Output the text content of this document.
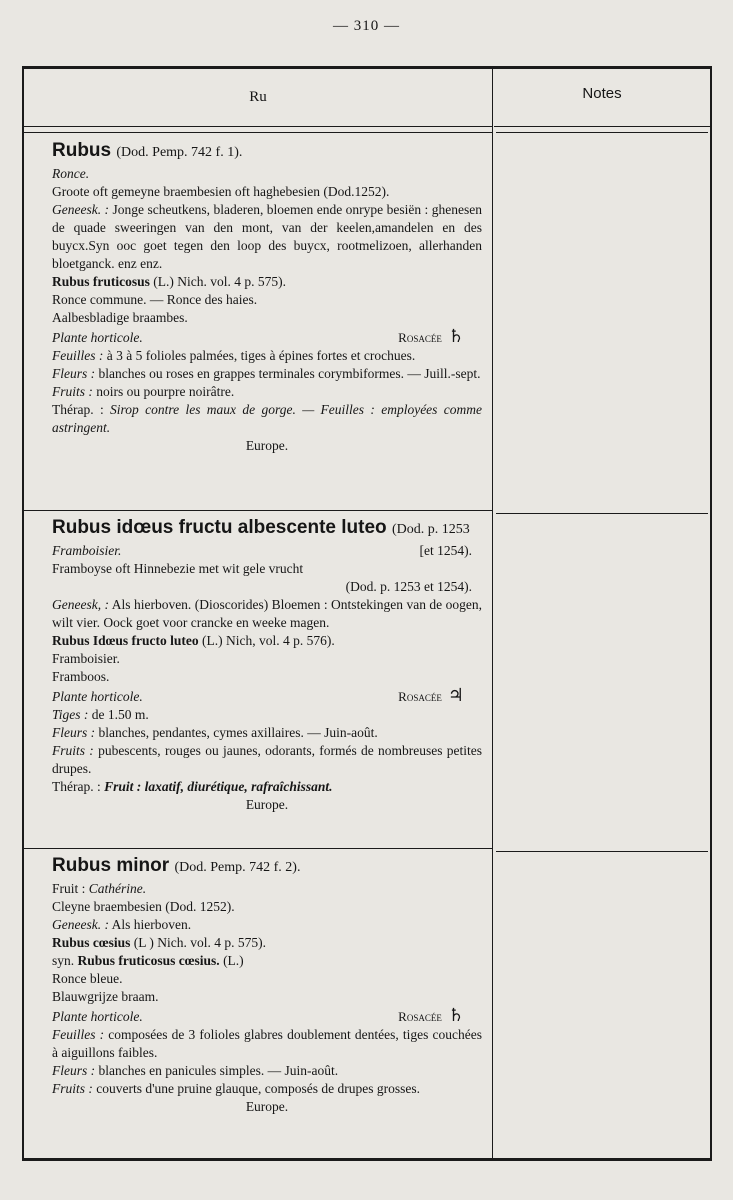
— 310 —
Ru	Notes

Rubus (Dod. Pemp. 742 f. 1).

Ronce.

Groote oft gemeyne braembesien oft haghebesien (Dod.1252).

Geneesk. : Jonge scheutkens, bladeren, bloemen ende onrype besiën : ghenesen de quade sweeringen van den mont, van der keelen,amandelen en des buycx.Syn ooc goet tegen den loop des buycx, rootmelizoen, allerhanden bloetganck. enz enz.

Rubus fruticosus (L.) Nich. vol. 4 p. 575).

Ronce commune. — Ronce des haies.

Aalbesbladige braambes.

Plante horticole.	Rosacée ♄

Feuilles : à 3 à 5 folioles palmées, tiges à épines fortes et crochues.

Fleurs : blanches ou roses en grappes terminales corymbiformes. — Juill.-sept.

Fruits : noirs ou pourpre noirâtre.

Thérap. : Sirop contre les maux de gorge. — Feuilles : employées comme astringent.

Europe.

Rubus idœus fructu albescente luteo (Dod. p. 1253

Framboisier.	[et 1254).

Framboyse oft Hinnebezie met wit gele vrucht

(Dod. p. 1253 et 1254).

Geneesk, : Als hierboven. (Dioscorides) Bloemen : Ontstekingen van de oogen, wilt vier. Oock goet voor crancke en weeke magen.

Rubus Idœus fructo luteo (L.) Nich, vol. 4 p. 576).

Framboisier.

Framboos.

Plante horticole.	Rosacée ♃

Tiges : de 1.50 m.

Fleurs : blanches, pendantes, cymes axillaires. — Juin-août.

Fruits : pubescents, rouges ou jaunes, odorants, formés de nombreuses petites drupes.

Thérap. : Fruit : laxatif, diurétique, rafraîchissant.

Europe.

Rubus minor (Dod. Pemp. 742 f. 2).

Fruit : Cathérine.

Cleyne braembesien (Dod. 1252).

Geneesk. : Als hierboven.

Rubus cœsius (L ) Nich. vol. 4 p. 575).

syn. Rubus fruticosus cœsius. (L.)

Ronce bleue.

Blauwgrijze braam.

Plante horticole.	Rosacée ♄

Feuilles : composées de 3 folioles glabres doublement dentées, tiges couchées à aiguillons faibles.

Fleurs : blanches en panicules simples. — Juin-août.

Fruits : couverts d'une pruine glauque, composés de drupes grosses.

Europe.
